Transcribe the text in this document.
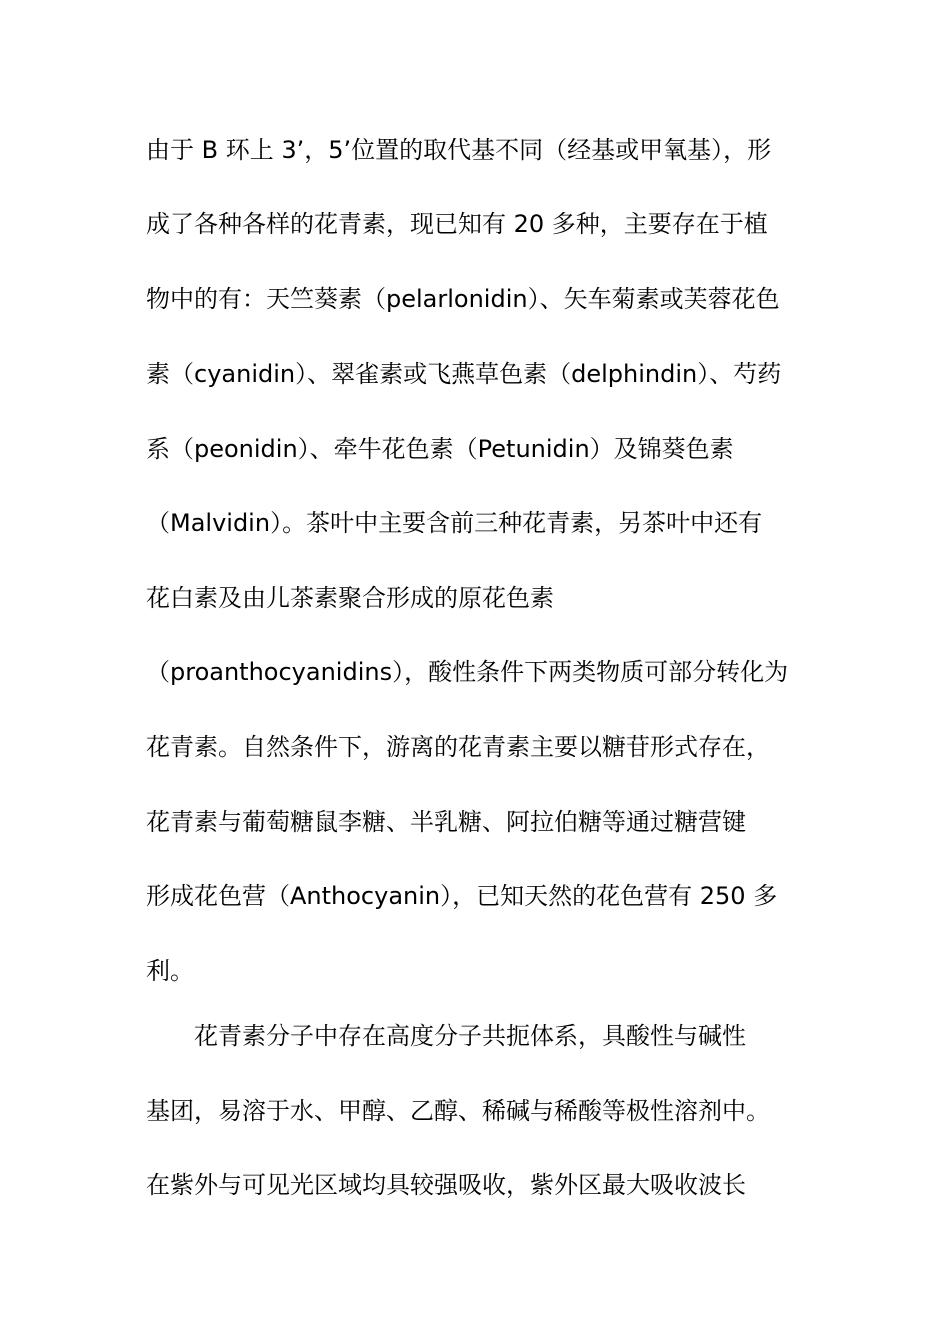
由于 B 环上 3’，5’位置的取代基不同（经基或甲氧基），形
成了各种各样的花青素，现已知有 20 多种，主要存在于植
物中的有：天竺葵素（pelarlonidin）、矢车菊素或芙蓉花色
素（cyanidin）、翠雀素或飞燕草色素（delphindin）、芍药
系（peonidin）、牵牛花色素（Petunidin）及锦葵色素
（Malvidin）。茶叶中主要含前三种花青素，另茶叶中还有
花白素及由儿茶素聚合形成的原花色素
（proanthocyanidins），酸性条件下两类物质可部分转化为
花青素。自然条件下，游离的花青素主要以糖苷形式存在，
花青素与葡萄糖鼠李糖、半乳糖、阿拉伯糖等通过糖营键
形成花色营（Anthocyanin），已知天然的花色营有 250 多
利。
花青素分子中存在高度分子共扼体系，具酸性与碱性
基团，易溶于水、甲醇、乙醇、稀碱与稀酸等极性溶剂中。
在紫外与可见光区域均具较强吸收，紫外区最大吸收波长
